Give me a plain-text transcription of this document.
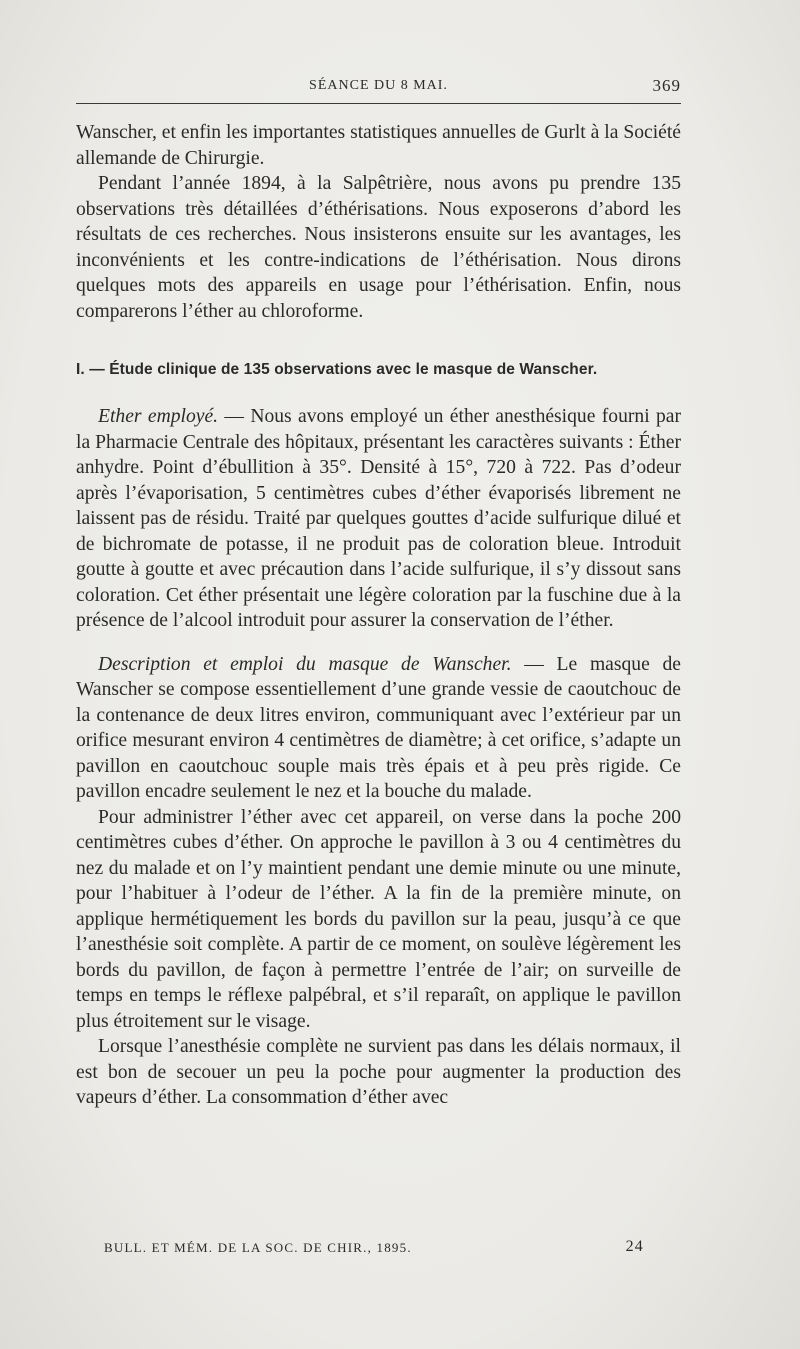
SÉANCE DU 8 MAI.	369

Wanscher, et enfin les importantes statistiques annuelles de Gurlt à la Société allemande de Chirurgie.

Pendant l’année 1894, à la Salpêtrière, nous avons pu prendre 135 observations très détaillées d’éthérisations. Nous exposerons d’abord les résultats de ces recherches. Nous insisterons ensuite sur les avantages, les inconvénients et les contre-indications de l’éthérisation. Nous dirons quelques mots des appareils en usage pour l’éthérisation. Enfin, nous comparerons l’éther au chloroforme.

I. — Étude clinique de 135 observations avec le masque de Wanscher.

Ether employé. — Nous avons employé un éther anesthésique fourni par la Pharmacie Centrale des hôpitaux, présentant les caractères suivants : Éther anhydre. Point d’ébullition à 35°. Densité à 15°, 720 à 722. Pas d’odeur après l’évaporisation, 5 centimètres cubes d’éther évaporisés librement ne laissent pas de résidu. Traité par quelques gouttes d’acide sulfurique dilué et de bichromate de potasse, il ne produit pas de coloration bleue. Introduit goutte à goutte et avec précaution dans l’acide sulfurique, il s’y dissout sans coloration. Cet éther présentait une légère coloration par la fuschine due à la présence de l’alcool introduit pour assurer la conservation de l’éther.

Description et emploi du masque de Wanscher. — Le masque de Wanscher se compose essentiellement d’une grande vessie de caoutchouc de la contenance de deux litres environ, communiquant avec l’extérieur par un orifice mesurant environ 4 centimètres de diamètre; à cet orifice, s’adapte un pavillon en caoutchouc souple mais très épais et à peu près rigide. Ce pavillon encadre seulement le nez et la bouche du malade.

Pour administrer l’éther avec cet appareil, on verse dans la poche 200 centimètres cubes d’éther. On approche le pavillon à 3 ou 4 centimètres du nez du malade et on l’y maintient pendant une demie minute ou une minute, pour l’habituer à l’odeur de l’éther. A la fin de la première minute, on applique hermétiquement les bords du pavillon sur la peau, jusqu’à ce que l’anesthésie soit complète. A partir de ce moment, on soulève légèrement les bords du pavillon, de façon à permettre l’entrée de l’air; on surveille de temps en temps le réflexe palpébral, et s’il reparaît, on applique le pavillon plus étroitement sur le visage.

Lorsque l’anesthésie complète ne survient pas dans les délais normaux, il est bon de secouer un peu la poche pour augmenter la production des vapeurs d’éther. La consommation d’éther avec

BULL. ET MÉM. DE LA SOC. DE CHIR., 1895.	24
